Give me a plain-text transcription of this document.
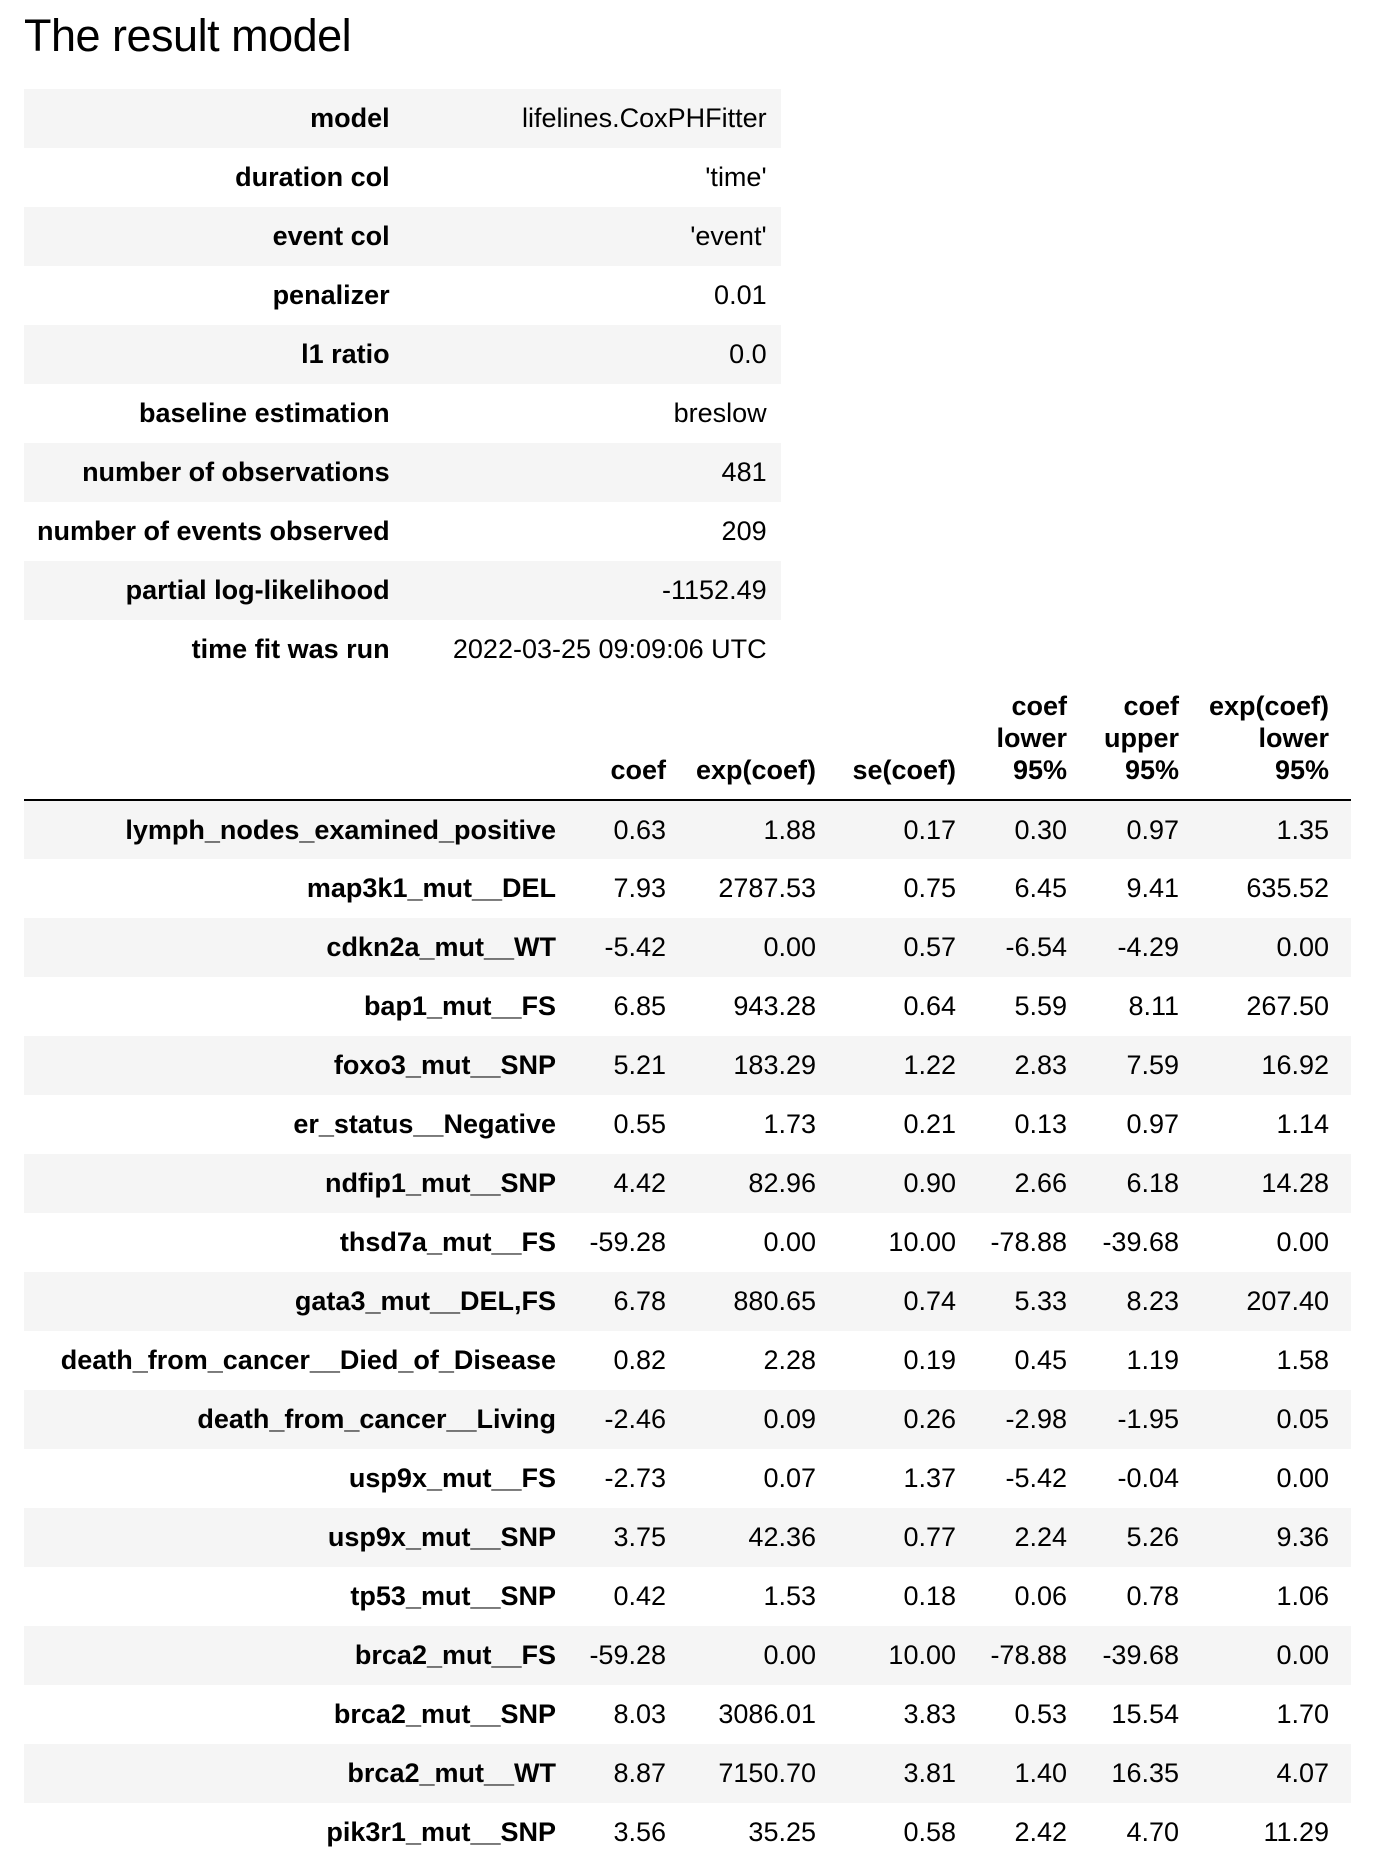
The result model
model	lifelines.CoxPHFitter
duration col	'time'
event col	'event'
penalizer	0.01
l1 ratio	0.0
baseline estimation	breslow
number of observations	481
number of events observed	209
partial log-likelihood	-1152.49
time fit was run	2022-03-25 09:09:06 UTC
	coef	exp(coef)	se(coef)	coef
lower
95%	coef
upper
95%	exp(coef)
lower
95%
lymph_nodes_examined_positive	0.63	1.88	0.17	0.30	0.97	1.35
map3k1_mut__DEL	7.93	2787.53	0.75	6.45	9.41	635.52
cdkn2a_mut__WT	-5.42	0.00	0.57	-6.54	-4.29	0.00
bap1_mut__FS	6.85	943.28	0.64	5.59	8.11	267.50
foxo3_mut__SNP	5.21	183.29	1.22	2.83	7.59	16.92
er_status__Negative	0.55	1.73	0.21	0.13	0.97	1.14
ndfip1_mut__SNP	4.42	82.96	0.90	2.66	6.18	14.28
thsd7a_mut__FS	-59.28	0.00	10.00	-78.88	-39.68	0.00
gata3_mut__DEL,FS	6.78	880.65	0.74	5.33	8.23	207.40
death_from_cancer__Died_of_Disease	0.82	2.28	0.19	0.45	1.19	1.58
death_from_cancer__Living	-2.46	0.09	0.26	-2.98	-1.95	0.05
usp9x_mut__FS	-2.73	0.07	1.37	-5.42	-0.04	0.00
usp9x_mut__SNP	3.75	42.36	0.77	2.24	5.26	9.36
tp53_mut__SNP	0.42	1.53	0.18	0.06	0.78	1.06
brca2_mut__FS	-59.28	0.00	10.00	-78.88	-39.68	0.00
brca2_mut__SNP	8.03	3086.01	3.83	0.53	15.54	1.70
brca2_mut__WT	8.87	7150.70	3.81	1.40	16.35	4.07
pik3r1_mut__SNP	3.56	35.25	0.58	2.42	4.70	11.29
